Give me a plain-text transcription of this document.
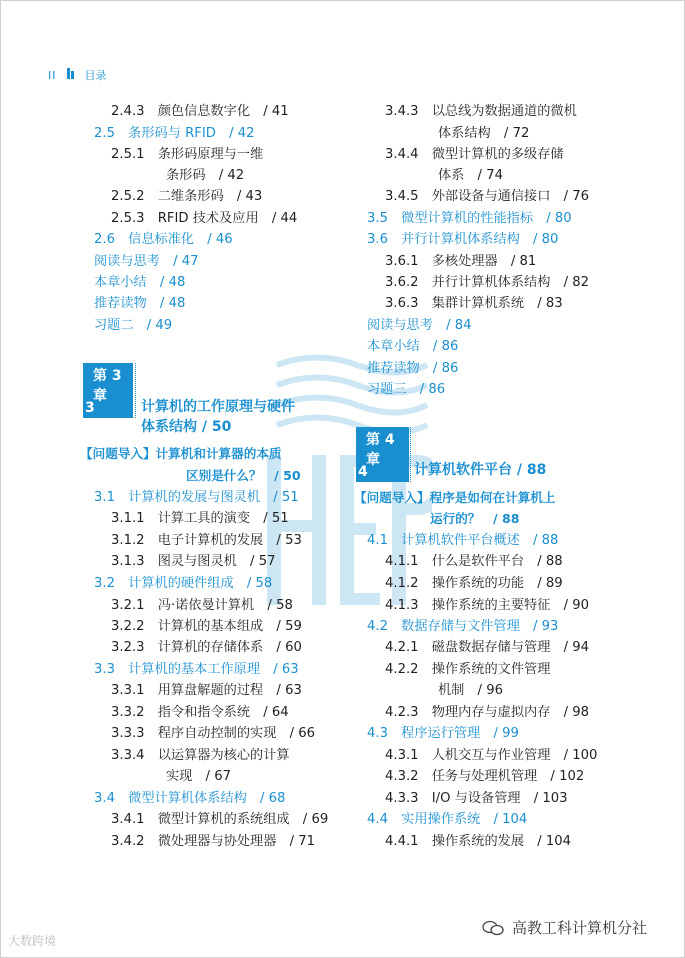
II	目录
2.4.3　颜色信息数字化　/ 41
2.5　条形码与 RFID　/ 42
2.5.1　条形码原理与一维
条形码　/ 42
2.5.2　二维条形码　/ 43
2.5.3　RFID 技术及应用　/ 44
2.6　信息标准化　/ 46
阅读与思考　/ 47
本章小结　/ 48
推荐读物　/ 48
习题二　/ 49
【问题导入】计算机和计算器的本质
区别是什么？　/ 50
3.1　计算机的发展与图灵机　/ 51
3.1.1　计算工具的演变　/ 51
3.1.2　电子计算机的发展　/ 53
3.1.3　图灵与图灵机　/ 57
3.2　计算机的硬件组成　/ 58
3.2.1　冯·诺依曼计算机　/ 58
3.2.2　计算机的基本组成　/ 59
3.2.3　计算机的存储体系　/ 60
3.3　计算机的基本工作原理　/ 63
3.3.1　用算盘解题的过程　/ 63
3.3.2　指令和指令系统　/ 64
3.3.3　程序自动控制的实现　/ 66
3.3.4　以运算器为核心的计算
实现　/ 67
3.4　微型计算机体系结构　/ 68
3.4.1　微型计算机的系统组成　/ 69
3.4.2　微处理器与协处理器　/ 71
3.4.3　以总线为数据通道的微机
体系结构　/ 72
3.4.4　微型计算机的多级存储
体系　/ 74
3.4.5　外部设备与通信接口　/ 76
3.5　微型计算机的性能指标　/ 80
3.6　并行计算机体系结构　/ 80
3.6.1　多核处理器　/ 81
3.6.2　并行计算机体系结构　/ 82
3.6.3　集群计算机系统　/ 83
阅读与思考　/ 84
本章小结　/ 86
推荐读物　/ 86
习题三　/ 86
【问题导入】程序是如何在计算机上
运行的？　/ 88
4.1　计算机软件平台概述　/ 88
4.1.1　什么是软件平台　/ 88
4.1.2　操作系统的功能　/ 89
4.1.3　操作系统的主要特征　/ 90
4.2　数据存储与文件管理　/ 93
4.2.1　磁盘数据存储与管理　/ 94
4.2.2　操作系统的文件管理
机制　/ 96
4.2.3　物理内存与虚拟内存　/ 98
4.3　程序运行管理　/ 99
4.3.1　人机交互与作业管理　/ 100
4.3.2　任务与处理机管理　/ 102
4.3.3　I/O 与设备管理　/ 103
4.4　实用操作系统　/ 104
4.4.1　操作系统的发展　/ 104
第 3 章
3	计算机的工作原理与硬件
体系结构 / 50
第 4 章
4	计算机软件平台 / 88
大数跨境
高教工科计算机分社
